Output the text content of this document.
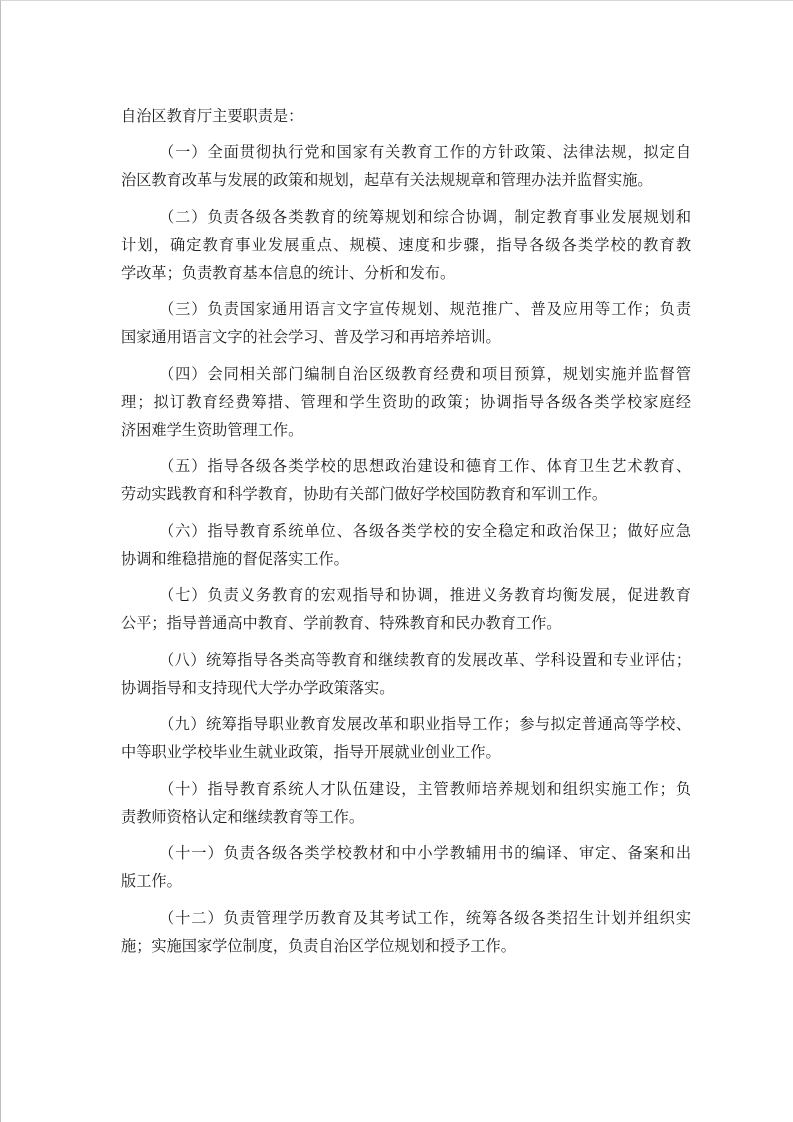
自治区教育厅主要职责是：
（一）全面贯彻执行党和国家有关教育工作的方针政策、法律法规，拟定自
治区教育改革与发展的政策和规划，起草有关法规规章和管理办法并监督实施。
（二）负责各级各类教育的统筹规划和综合协调，制定教育事业发展规划和
计划，确定教育事业发展重点、规模、速度和步骤，指导各级各类学校的教育教
学改革；负责教育基本信息的统计、分析和发布。
（三）负责国家通用语言文字宣传规划、规范推广、普及应用等工作；负责
国家通用语言文字的社会学习、普及学习和再培养培训。
（四）会同相关部门编制自治区级教育经费和项目预算，规划实施并监督管
理；拟订教育经费筹措、管理和学生资助的政策；协调指导各级各类学校家庭经
济困难学生资助管理工作。
（五）指导各级各类学校的思想政治建设和德育工作、体育卫生艺术教育、
劳动实践教育和科学教育，协助有关部门做好学校国防教育和军训工作。
（六）指导教育系统单位、各级各类学校的安全稳定和政治保卫；做好应急
协调和维稳措施的督促落实工作。
（七）负责义务教育的宏观指导和协调，推进义务教育均衡发展，促进教育
公平；指导普通高中教育、学前教育、特殊教育和民办教育工作。
（八）统筹指导各类高等教育和继续教育的发展改革、学科设置和专业评估；
协调指导和支持现代大学办学政策落实。
（九）统筹指导职业教育发展改革和职业指导工作；参与拟定普通高等学校、
中等职业学校毕业生就业政策，指导开展就业创业工作。
（十）指导教育系统人才队伍建设，主管教师培养规划和组织实施工作；负
责教师资格认定和继续教育等工作。
（十一）负责各级各类学校教材和中小学教辅用书的编译、审定、备案和出
版工作。
（十二）负责管理学历教育及其考试工作，统筹各级各类招生计划并组织实
施；实施国家学位制度，负责自治区学位规划和授予工作。
